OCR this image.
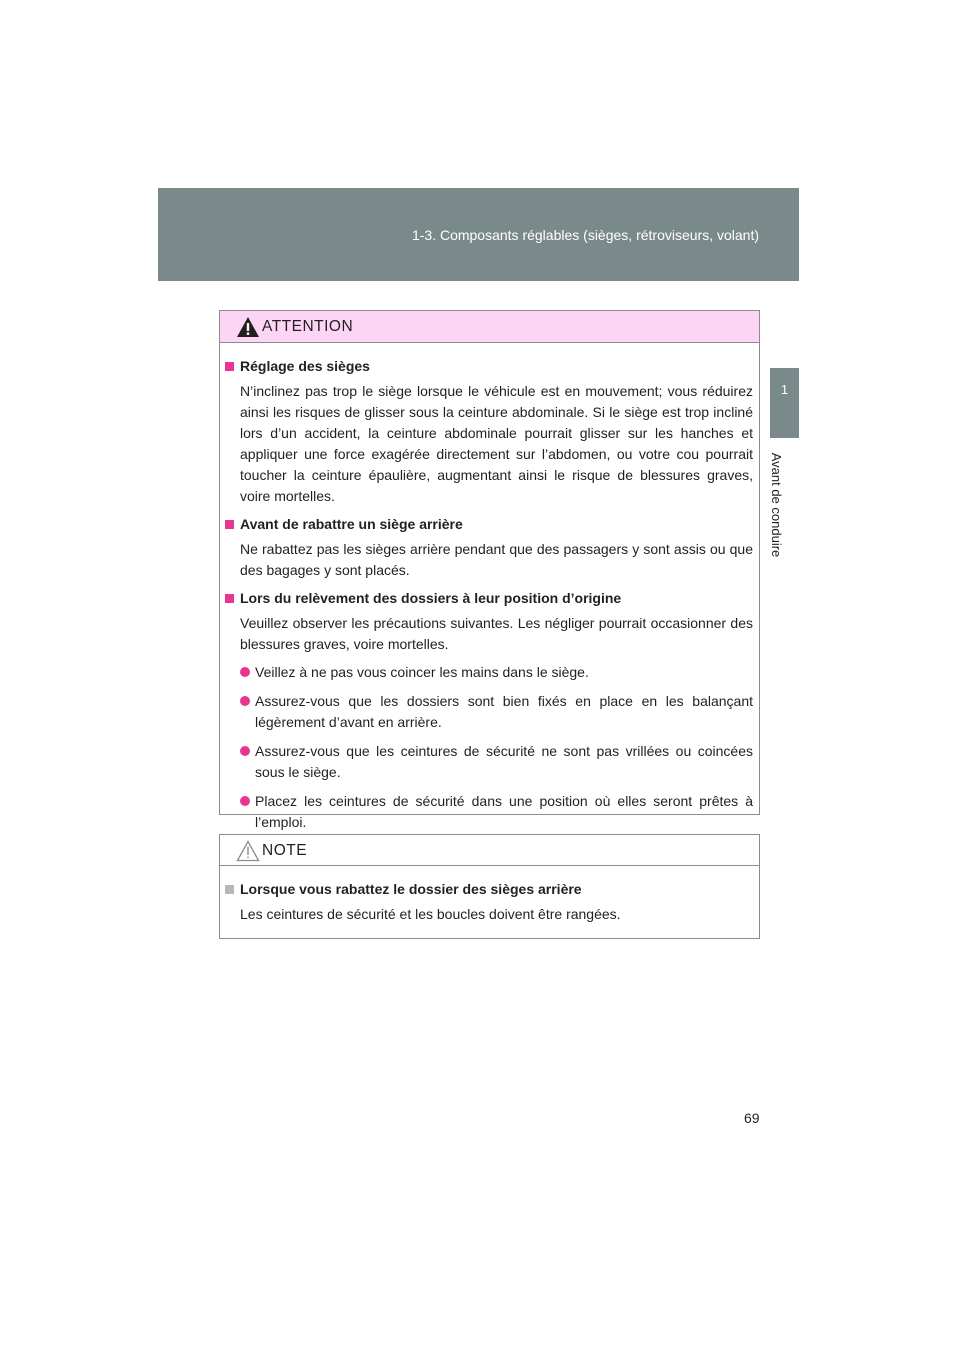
1-3. Composants réglables (sièges, rétroviseurs, volant)
1
Avant de conduire
ATTENTION
Réglage des sièges
N’inclinez pas trop le siège lorsque le véhicule est en mouvement; vous réduirez ainsi les risques de glisser sous la ceinture abdominale. Si le siège est trop incliné lors d’un accident, la ceinture abdominale pourrait glisser sur les hanches et appliquer une force exagérée directement sur l’abdomen, ou votre cou pourrait toucher la ceinture épaulière, augmentant ainsi le risque de blessures graves, voire mortelles.
Avant de rabattre un siège arrière
Ne rabattez pas les sièges arrière pendant que des passagers y sont assis ou que des bagages y sont placés.
Lors du relèvement des dossiers à leur position d’origine
Veuillez observer les précautions suivantes. Les négliger pourrait occasionner des blessures graves, voire mortelles.
Veillez à ne pas vous coincer les mains dans le siège.
Assurez-vous que les dossiers sont bien fixés en place en les balançant légèrement d’avant en arrière.
Assurez-vous que les ceintures de sécurité ne sont pas vrillées ou coincées sous le siège.
Placez les ceintures de sécurité dans une position où elles seront prêtes à l’emploi.
NOTE
Lorsque vous rabattez le dossier des sièges arrière
Les ceintures de sécurité et les boucles doivent être rangées.
69
